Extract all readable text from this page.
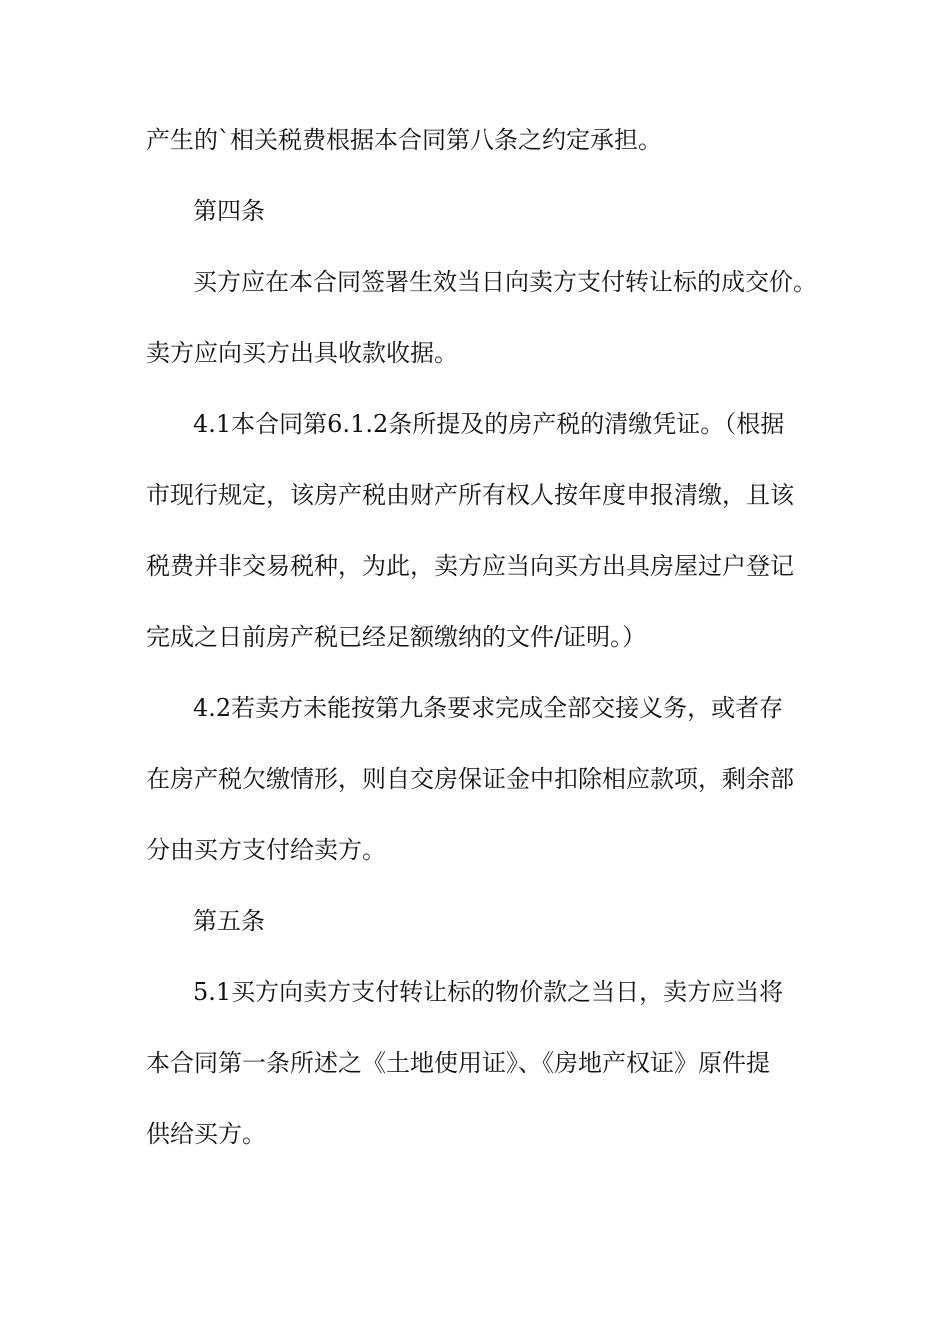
产生的`相关税费根据本合同第八条之约定承担。
第四条
买方应在本合同签署生效当日向卖方支付转让标的成交价。
卖方应向买方出具收款收据。
4.1本合同第6.1.2条所提及的房产税的清缴凭证。（根据
市现行规定，该房产税由财产所有权人按年度申报清缴，且该
税费并非交易税种，为此，卖方应当向买方出具房屋过户登记
完成之日前房产税已经足额缴纳的文件/证明。）
4.2若卖方未能按第九条要求完成全部交接义务，或者存
在房产税欠缴情形，则自交房保证金中扣除相应款项，剩余部
分由买方支付给卖方。
第五条
5.1买方向卖方支付转让标的物价款之当日，卖方应当将
本合同第一条所述之《土地使用证》、《房地产权证》原件提
供给买方。
